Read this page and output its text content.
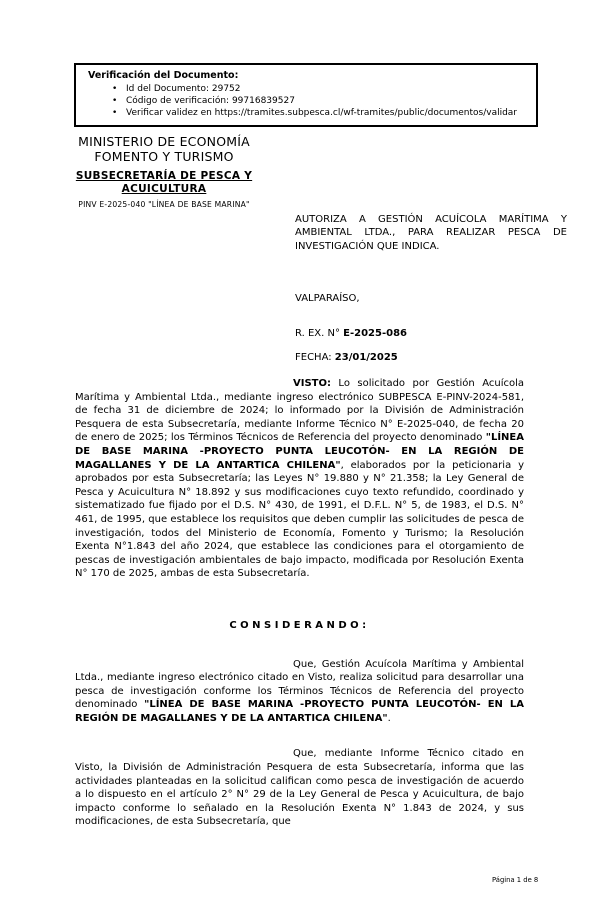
Verificación del Documento:
• Id del Documento: 29752
• Código de verificación: 99716839527
• Verificar validez en https://tramites.subpesca.cl/wf-tramites/public/documentos/validar
MINISTERIO DE ECONOMÍA
FOMENTO Y TURISMO
SUBSECRETARÍA DE PESCA Y ACUICULTURA
PINV E-2025-040 "LÍNEA DE BASE MARINA"
AUTORIZA A GESTIÓN ACUÍCOLA MARÍTIMA Y AMBIENTAL LTDA., PARA REALIZAR PESCA DE INVESTIGACIÓN QUE INDICA.
VALPARAÍSO,
R. EX. N° E-2025-086
FECHA: 23/01/2025

VISTO: Lo solicitado por Gestión Acuícola Marítima y Ambiental Ltda., mediante ingreso electrónico SUBPESCA E-PINV-2024-581, de fecha 31 de diciembre de 2024; lo informado por la División de Administración Pesquera de esta Subsecretaría, mediante Informe Técnico N° E-2025-040, de fecha 20 de enero de 2025; los Términos Técnicos de Referencia del proyecto denominado "LÍNEA DE BASE MARINA -PROYECTO PUNTA LEUCOTÓN- EN LA REGIÓN DE MAGALLANES Y DE LA ANTARTICA CHILENA", elaborados por la peticionaria y aprobados por esta Subsecretaría; las Leyes N° 19.880 y N° 21.358; la Ley General de Pesca y Acuicultura N° 18.892 y sus modificaciones cuyo texto refundido, coordinado y sistematizado fue fijado por el D.S. N° 430, de 1991, el D.F.L. N° 5, de 1983, el D.S. N° 461, de 1995, que establece los requisitos que deben cumplir las solicitudes de pesca de investigación, todos del Ministerio de Economía, Fomento y Turismo; la Resolución Exenta N°1.843 del año 2024, que establece las condiciones para el otorgamiento de pescas de investigación ambientales de bajo impacto, modificada por Resolución Exenta N° 170 de 2025, ambas de esta Subsecretaría.

CONSIDERANDO:

Que, Gestión Acuícola Marítima y Ambiental Ltda., mediante ingreso electrónico citado en Visto, realiza solicitud para desarrollar una pesca de investigación conforme los Términos Técnicos de Referencia del proyecto denominado "LÍNEA DE BASE MARINA -PROYECTO PUNTA LEUCOTÓN- EN LA REGIÓN DE MAGALLANES Y DE LA ANTARTICA CHILENA".

Que, mediante Informe Técnico citado en Visto, la División de Administración Pesquera de esta Subsecretaría, informa que las actividades planteadas en la solicitud califican como pesca de investigación de acuerdo a lo dispuesto en el artículo 2° N° 29 de la Ley General de Pesca y Acuicultura, de bajo impacto conforme lo señalado en la Resolución Exenta N° 1.843 de 2024, y sus modificaciones, de esta Subsecretaría, que

Página 1 de 8
